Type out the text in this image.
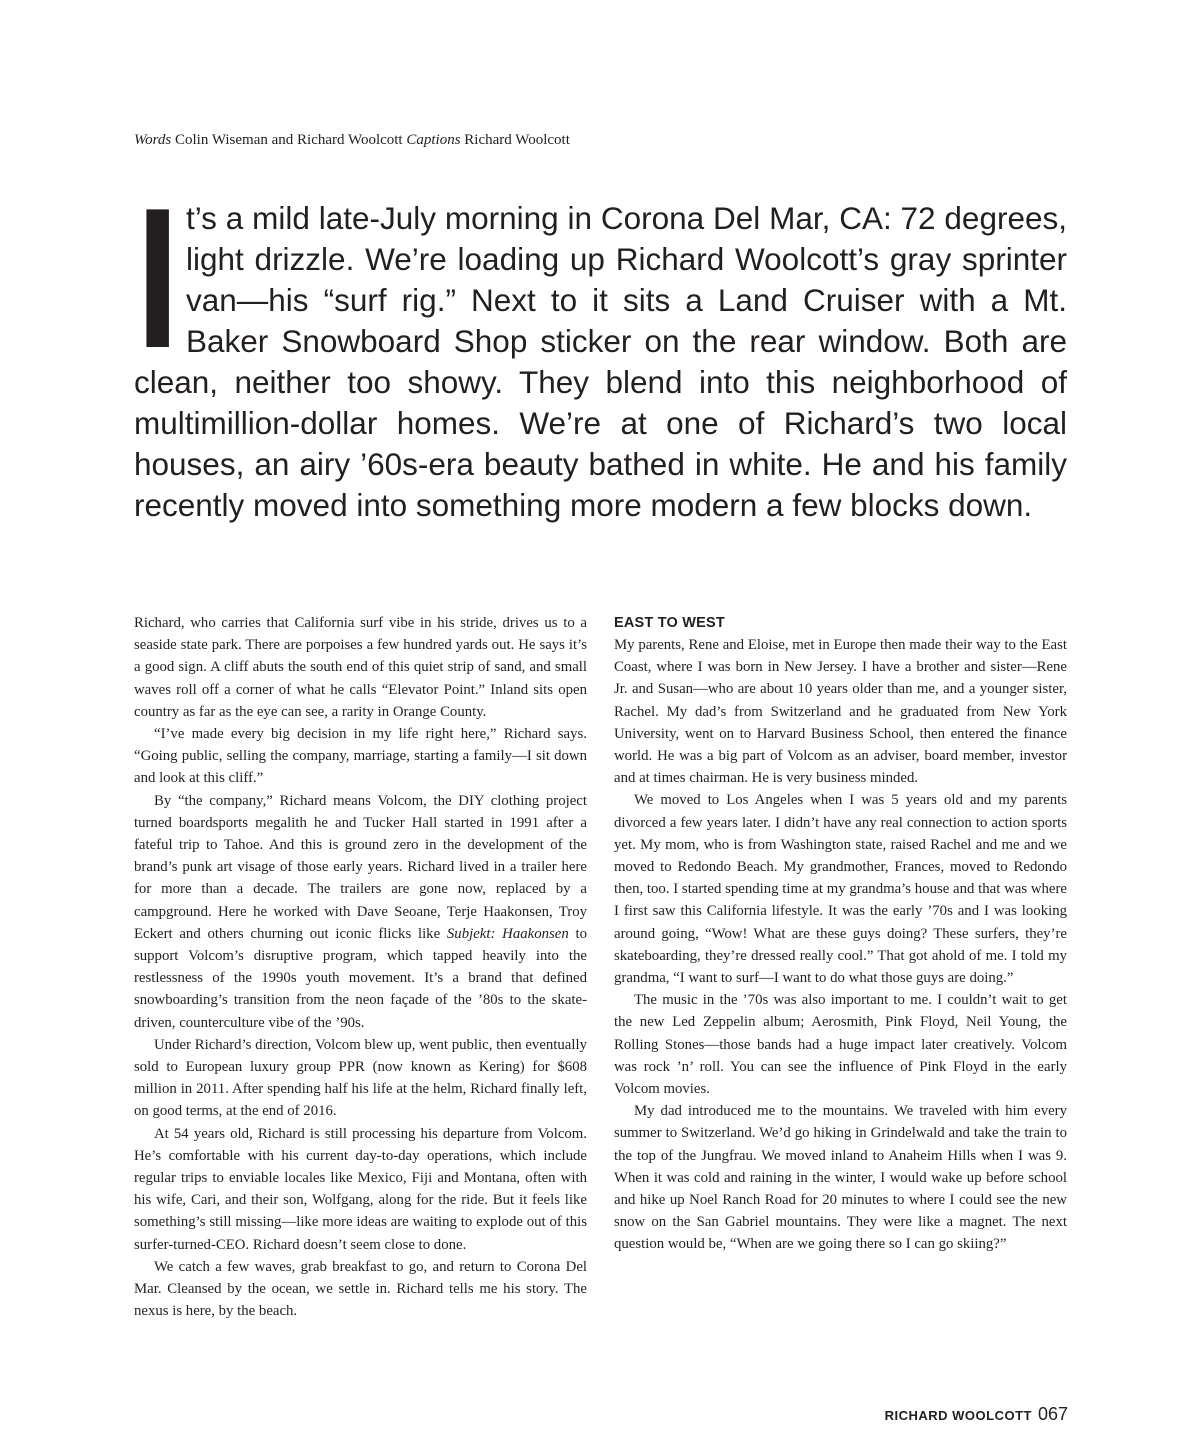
Words Colin Wiseman and Richard Woolcott Captions Richard Woolcott
It’s a mild late-July morning in Corona Del Mar, CA: 72 degrees, light drizzle. We’re loading up Richard Woolcott’s gray sprinter van—his “surf rig.” Next to it sits a Land Cruiser with a Mt. Baker Snowboard Shop sticker on the rear window. Both are clean, neither too showy. They blend into this neighborhood of multimillion-dollar homes. We’re at one of Richard’s two local houses, an airy ’60s-era beauty bathed in white. He and his family recently moved into something more modern a few blocks down.

Richard, who carries that California surf vibe in his stride, drives us to a seaside state park. There are porpoises a few hundred yards out. He says it’s a good sign. A cliff abuts the south end of this quiet strip of sand, and small waves roll off a corner of what he calls “Elevator Point.” Inland sits open country as far as the eye can see, a rarity in Orange County.

“I’ve made every big decision in my life right here,” Richard says. “Going public, selling the company, marriage, starting a family—I sit down and look at this cliff.”

By “the company,” Richard means Volcom, the DIY clothing project turned boardsports megalith he and Tucker Hall started in 1991 after a fateful trip to Tahoe. And this is ground zero in the development of the brand’s punk art visage of those early years. Richard lived in a trailer here for more than a decade. The trailers are gone now, replaced by a campground. Here he worked with Dave Seoane, Terje Haakonsen, Troy Eckert and others churning out iconic flicks like Subjekt: Haakonsen to support Volcom’s disruptive program, which tapped heavily into the restlessness of the 1990s youth movement. It’s a brand that defined snowboarding’s transition from the neon façade of the ’80s to the skate-driven, counterculture vibe of the ’90s.

Under Richard’s direction, Volcom blew up, went public, then eventually sold to European luxury group PPR (now known as Kering) for $608 million in 2011. After spending half his life at the helm, Richard finally left, on good terms, at the end of 2016.

At 54 years old, Richard is still processing his departure from Volcom. He’s comfortable with his current day-to-day operations, which include regular trips to enviable locales like Mexico, Fiji and Montana, often with his wife, Cari, and their son, Wolfgang, along for the ride. But it feels like something’s still missing—like more ideas are waiting to explode out of this surfer-turned-CEO. Richard doesn’t seem close to done.

We catch a few waves, grab breakfast to go, and return to Corona Del Mar. Cleansed by the ocean, we settle in. Richard tells me his story. The nexus is here, by the beach.

EAST TO WEST

My parents, Rene and Eloise, met in Europe then made their way to the East Coast, where I was born in New Jersey. I have a brother and sister—Rene Jr. and Susan—who are about 10 years older than me, and a younger sister, Rachel. My dad’s from Switzerland and he graduated from New York University, went on to Harvard Business School, then entered the finance world. He was a big part of Volcom as an adviser, board member, investor and at times chairman. He is very business minded.

We moved to Los Angeles when I was 5 years old and my parents divorced a few years later. I didn’t have any real connection to action sports yet. My mom, who is from Washington state, raised Rachel and me and we moved to Redondo Beach. My grandmother, Frances, moved to Redondo then, too. I started spending time at my grandma’s house and that was where I first saw this California lifestyle. It was the early ’70s and I was looking around going, “Wow! What are these guys doing? These surfers, they’re skateboarding, they’re dressed really cool.” That got ahold of me. I told my grandma, “I want to surf—I want to do what those guys are doing.”

The music in the ’70s was also important to me. I couldn’t wait to get the new Led Zeppelin album; Aerosmith, Pink Floyd, Neil Young, the Rolling Stones—those bands had a huge impact later creatively. Volcom was rock ’n’ roll. You can see the influence of Pink Floyd in the early Volcom movies.

My dad introduced me to the mountains. We traveled with him every summer to Switzerland. We’d go hiking in Grindelwald and take the train to the top of the Jungfrau. We moved inland to Anaheim Hills when I was 9. When it was cold and raining in the winter, I would wake up before school and hike up Noel Ranch Road for 20 minutes to where I could see the new snow on the San Gabriel mountains. They were like a magnet. The next question would be, “When are we going there so I can go skiing?”

RICHARD WOOLCOTT 067
